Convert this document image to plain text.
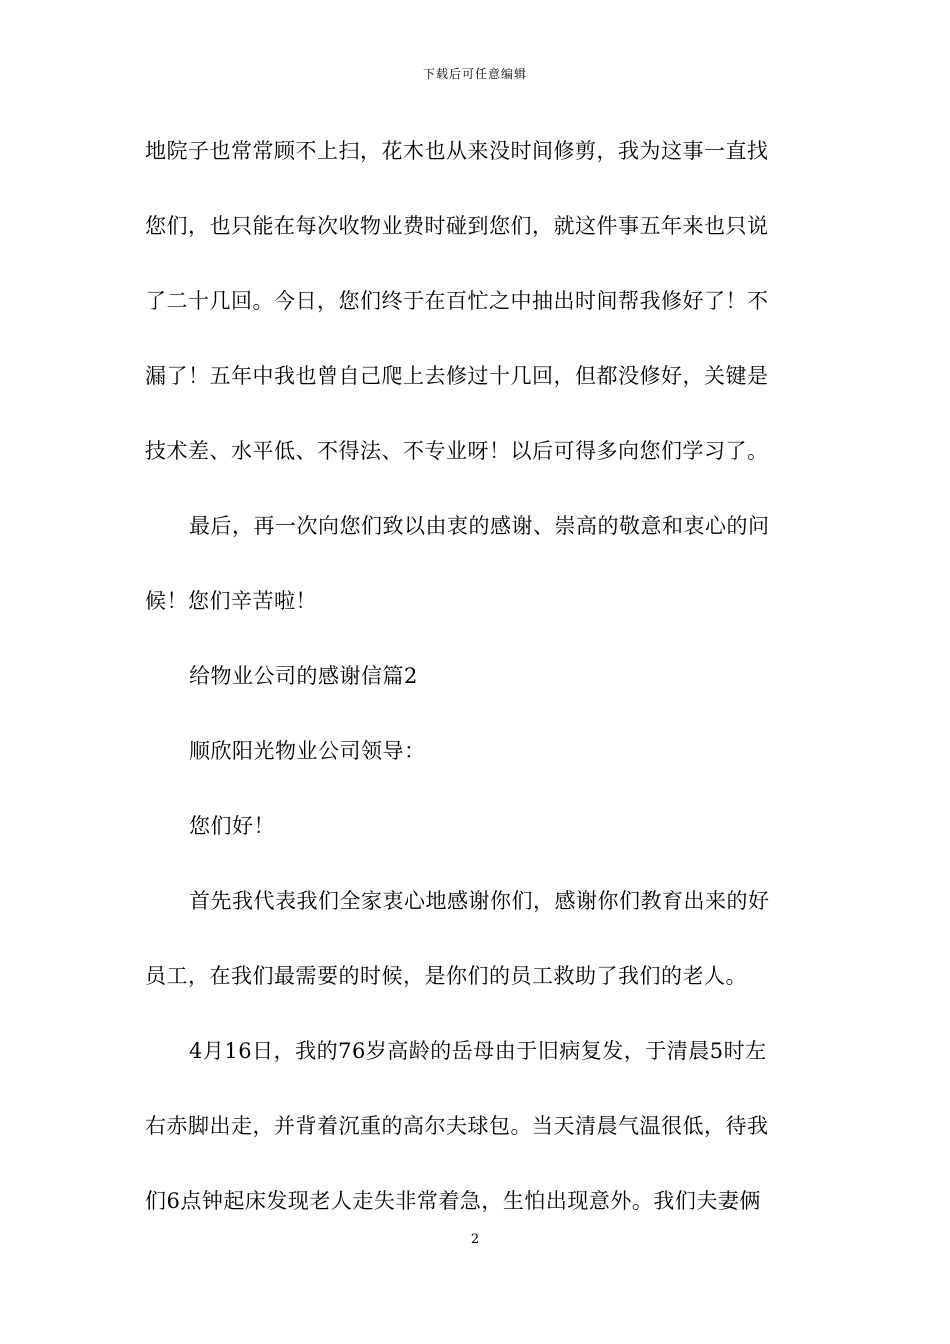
下载后可任意编辑
地院子也常常顾不上扫，花木也从来没时间修剪，我为这事一直找
您们，也只能在每次收物业费时碰到您们，就这件事五年来也只说
了二十几回。今日，您们终于在百忙之中抽出时间帮我修好了！不
漏了！五年中我也曾自己爬上去修过十几回，但都没修好，关键是
技术差、水平低、不得法、不专业呀！以后可得多向您们学习了。
最后，再一次向您们致以由衷的感谢、崇高的敬意和衷心的问
候！您们辛苦啦！
给物业公司的感谢信篇2
顺欣阳光物业公司领导：
您们好！
首先我代表我们全家衷心地感谢你们，感谢你们教育出来的好
员工，在我们最需要的时候，是你们的员工救助了我们的老人。
4月16日，我的76岁高龄的岳母由于旧病复发，于清晨5时左
右赤脚出走，并背着沉重的高尔夫球包。当天清晨气温很低，待我
们6点钟起床发现老人走失非常着急，生怕出现意外。我们夫妻俩
2
